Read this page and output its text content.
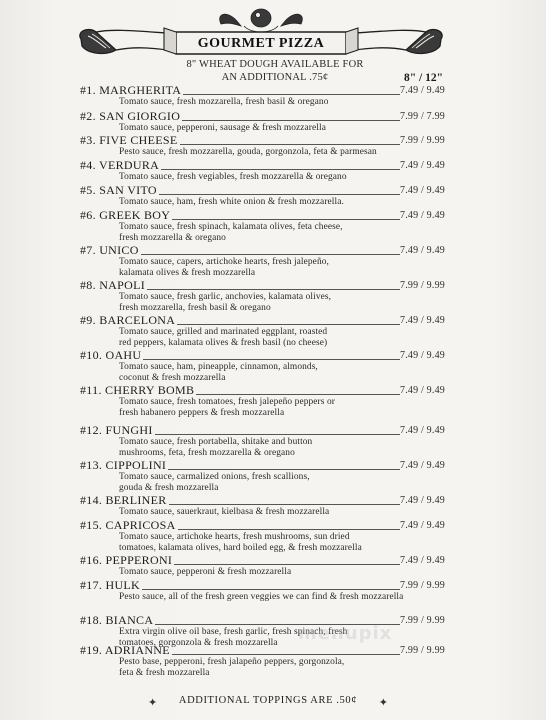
GOURMET PIZZA
8" WHEAT DOUGH AVAILABLE FOR
AN ADDITIONAL .75¢	8" / 12"
#1. MARGHERITA	7.49 / 9.49
Tomato sauce, fresh mozzarella, fresh basil & oregano
#2. SAN GIORGIO	7.99 / 7.99
Tomato sauce, pepperoni, sausage & fresh mozzarella
#3. FIVE CHEESE	7.99 / 9.99
Pesto sauce, fresh mozzarella, gouda, gorgonzola, feta & parmesan
#4. VERDURA	7.49 / 9.49
Tomato sauce, fresh vegiables, fresh mozzarella & oregano
#5. SAN VITO	7.49 / 9.49
Tomato sauce, ham, fresh white onion & fresh mozzarella.
#6. GREEK BOY	7.49 / 9.49
Tomato sauce, fresh spinach, kalamata olives, feta cheese,
fresh mozzarella & oregano
#7. UNICO	7.49 / 9.49
Tomato sauce, capers, artichoke hearts, fresh jalepeño,
kalamata olives & fresh mozzarella
#8. NAPOLI	7.99 / 9.99
Tomato sauce, fresh garlic, anchovies, kalamata olives,
fresh mozzarella, fresh basil & oregano
#9. BARCELONA	7.49 / 9.49
Tomato sauce, grilled and marinated eggplant, roasted
red peppers, kalamata olives & fresh basil (no cheese)
#10. OAHU	7.49 / 9.49
Tomato sauce, ham, pineapple, cinnamon, almonds,
coconut & fresh mozzarella
#11. CHERRY BOMB	7.49 / 9.49
Tomato sauce, fresh tomatoes, fresh jalepeño peppers or
fresh habanero peppers & fresh mozzarella
#12. FUNGHI	7.49 / 9.49
Tomato sauce, fresh portabella, shitake and button
mushrooms, feta, fresh mozzarella & oregano
#13. CIPPOLINI	7.49 / 9.49
Tomato sauce, carmalized onions, fresh scallions,
gouda & fresh mozzarella
#14. BERLINER	7.49 / 9.49
Tomato sauce, sauerkraut, kielbasa & fresh mozzarella
#15. CAPRICOSA	7.49 / 9.49
Tomato sauce, artichoke hearts, fresh mushrooms, sun dried
tomatoes, kalamata olives, hard boiled egg, & fresh mozzarella
#16. PEPPERONI	7.49 / 9.49
Tomato sauce, pepperoni & fresh mozzarella
#17. HULK	7.99 / 9.99
Pesto sauce, all of the fresh green veggies we can find & fresh mozzarella
#18. BIANCA	7.99 / 9.99
Extra virgin olive oil base, fresh garlic, fresh spinach, fresh
tomatoes, gorgonzola & fresh mozzarella
#19. ADRIANNE	7.99 / 9.99
Pesto base, pepperoni, fresh jalapeño peppers, gorgonzola,
feta & fresh mozzarella
✦	ADDITIONAL TOPPINGS ARE .50¢	✦
menupix
